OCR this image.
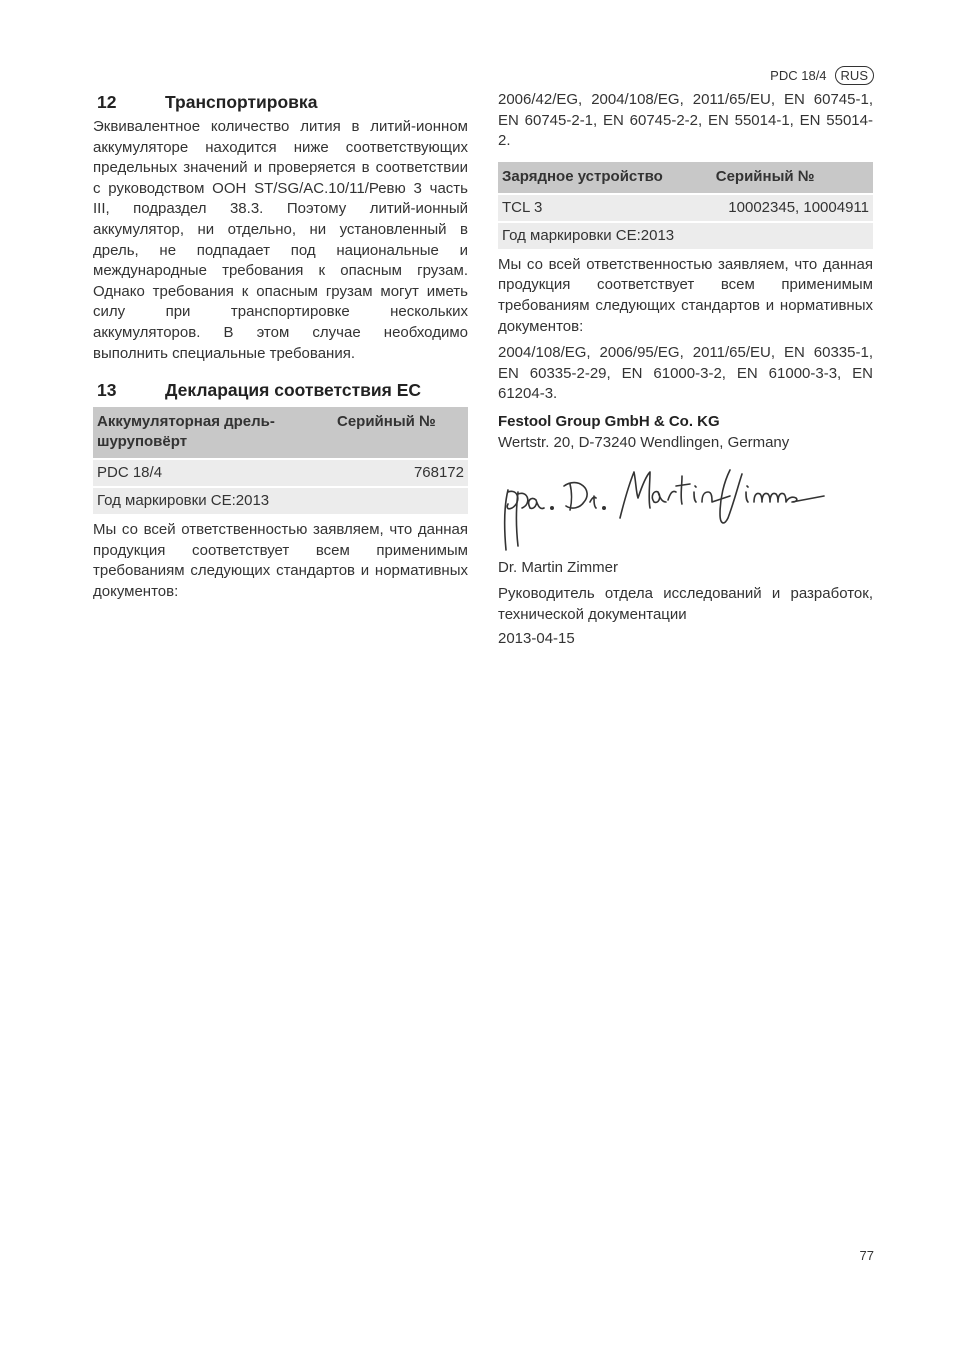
PDC 18/4	RUS
12	Транспортировка

Эквивалентное количество лития в литий-ионном аккумуляторе находится ниже соответствующих предельных значений и проверяется в соответствии с руководством ООН ST/SG/AC.10/11/Ревю 3 часть III, подраздел 38.3. Поэтому литий-ионный аккумулятор, ни отдельно, ни установленный в дрель, не подпадает под национальные и международные требования к опасным грузам. Однако требования к опасным грузам могут иметь силу при транспортировке нескольких аккумуляторов. В этом случае необходимо выполнить специальные требования.

13	Декларация соответствия ЕС
Аккумуляторная дрель-шуруповёрт	Серийный №
PDC 18/4	768172
Год маркировки CE:2013	

Мы со всей ответственностью заявляем, что данная продукция соответствует всем применимым требованиям следующих стандартов и нормативных документов:

2006/42/EG, 2004/108/EG, 2011/65/EU, EN 60745-1, EN 60745-2-1, EN 60745-2-2, EN 55014-1, EN 55014-2.

Зарядное устройство	Серийный №
TCL 3	10002345, 10004911
Год маркировки CE:2013	

Мы со всей ответственностью заявляем, что данная продукция соответствует всем применимым требованиям следующих стандартов и нормативных документов:

2004/108/EG, 2006/95/EG, 2011/65/EU, EN 60335-1, EN 60335-2-29, EN 61000-3-2, EN 61000-3-3, EN 61204-3.

Festool Group GmbH & Co. KG

Wertstr. 20, D-73240 Wendlingen, Germany

Dr. Martin Zimmer

Руководитель отдела исследований и разработок, технической документации

2013-04-15

77
